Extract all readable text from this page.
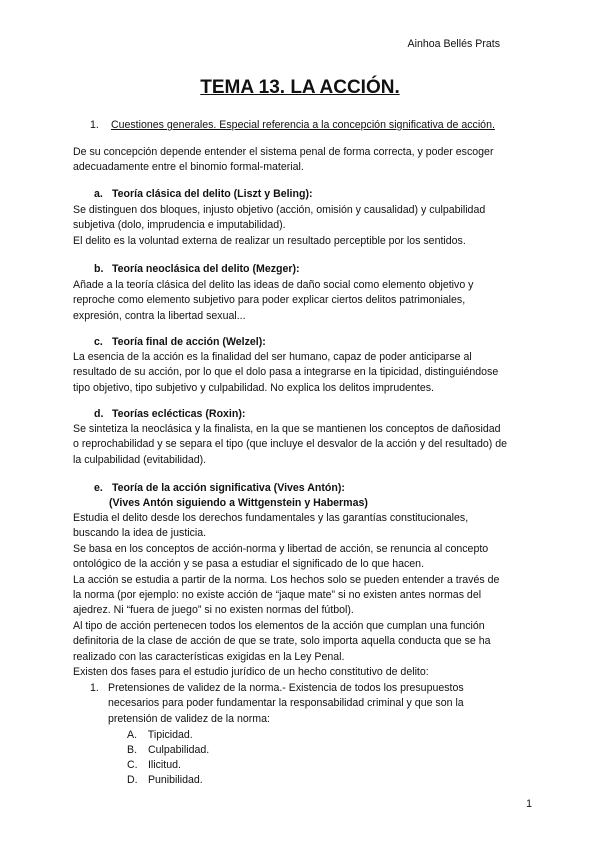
Ainhoa Bellés Prats
TEMA 13. LA ACCIÓN.
1. Cuestiones generales. Especial referencia a la concepción significativa de acción.

De su concepción depende entender el sistema penal de forma correcta, y poder escoger

adecuadamente entre el binomio formal-material.

a. Teoría clásica del delito (Liszt y Beling):

Se distinguen dos bloques, injusto objetivo (acción, omisión y causalidad) y culpabilidad

subjetiva (dolo, imprudencia e imputabilidad).

El delito es la voluntad externa de realizar un resultado perceptible por los sentidos.

b. Teoría neoclásica del delito (Mezger):

Añade a la teoría clásica del delito las ideas de daño social como elemento objetivo y

reproche como elemento subjetivo para poder explicar ciertos delitos patrimoniales,

expresión, contra la libertad sexual...

c. Teoría final de acción (Welzel):

La esencia de la acción es la finalidad del ser humano, capaz de poder anticiparse al

resultado de su acción, por lo que el dolo pasa a integrarse en la tipicidad, distinguiéndose

tipo objetivo, tipo subjetivo y culpabilidad. No explica los delitos imprudentes.

d. Teorías eclécticas (Roxin):

Se sintetiza la neoclásica y la finalista, en la que se mantienen los conceptos de dañosidad

o reprochabilidad y se separa el tipo (que incluye el desvalor de la acción y del resultado) de

la culpabilidad (evitabilidad).

e. Teoría de la acción significativa (Vives Antón):
(Vives Antón siguiendo a Wittgenstein y Habermas)

Estudia el delito desde los derechos fundamentales y las garantías constitucionales,

buscando la idea de justicia.

Se basa en los conceptos de acción-norma y libertad de acción, se renuncia al concepto

ontológico de la acción y se pasa a estudiar el significado de lo que hacen.

La acción se estudia a partir de la norma. Los hechos solo se pueden entender a través de

la norma (por ejemplo: no existe acción de “jaque mate” si no existen antes normas del

ajedrez. Ni “fuera de juego” si no existen normas del fútbol).

Al tipo de acción pertenecen todos los elementos de la acción que cumplan una función

definitoria de la clase de acción de que se trate, solo importa aquella conducta que se ha

realizado con las características exigidas en la Ley Penal.

Existen dos fases para el estudio jurídico de un hecho constitutivo de delito:

1. Pretensiones de validez de la norma.- Existencia de todos los presupuestos
necesarios para poder fundamentar la responsabilidad criminal y que son la
pretensión de validez de la norma:
A. Tipicidad.
B. Culpabilidad.
C. Ilicitud.
D. Punibilidad.
1
